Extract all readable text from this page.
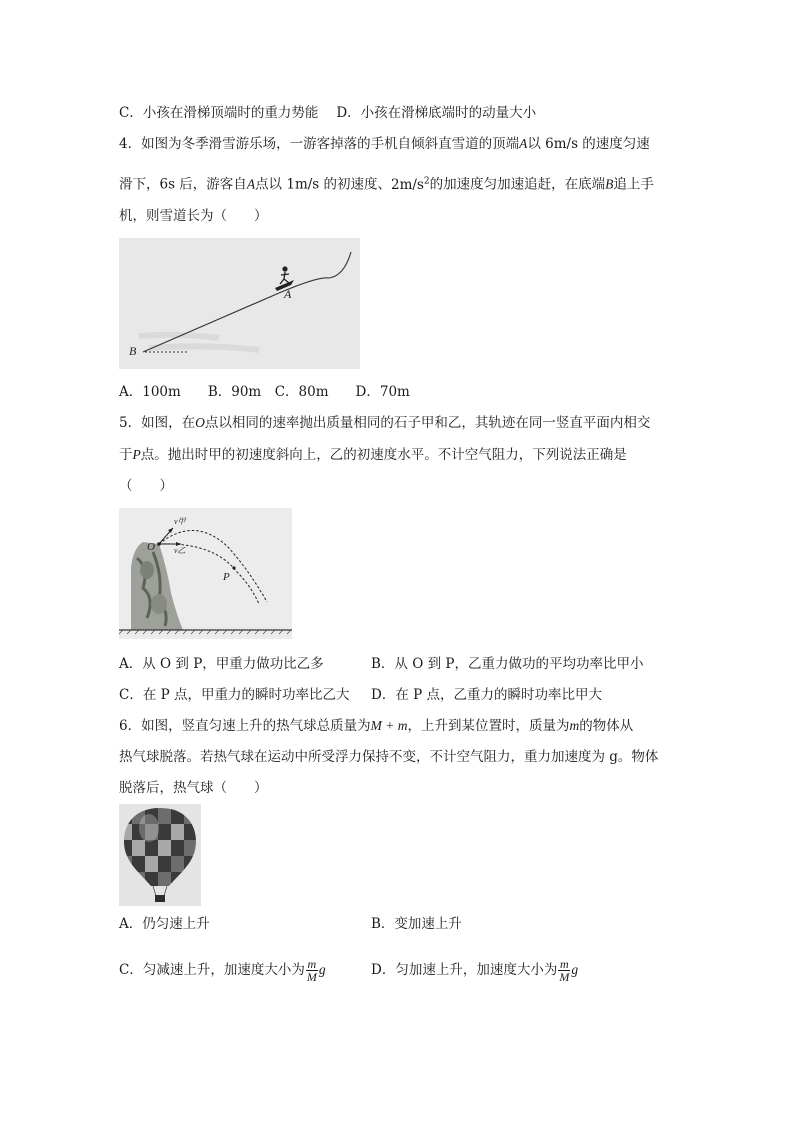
C．小孩在滑梯顶端时的重力势能 D．小孩在滑梯底端时的动量大小
4．如图为冬季滑雪游乐场，一游客掉落的手机自倾斜直雪道的顶端A以 6m/s 的速度匀速
滑下，6s 后，游客自A点以 1m/s 的初速度、$2m/s^2$的加速度匀加速追赶，在底端B追上手
机，则雪道长为（　　）
A
B
A．100m　　B．90m　C．80m　　D．70m
5．如图，在O点以相同的速率抛出质量相同的石子甲和乙，其轨迹在同一竖直平面内相交
于P点。抛出时甲的初速度斜向上，乙的初速度水平。不计空气阻力，下列说法正确是
（　　）
O
P
v甲
v乙
A．从 O 到 P，甲重力做功比乙多	B．从 O 到 P，乙重力做功的平均功率比甲小
C．在 P 点，甲重力的瞬时功率比乙大 D．在 P 点，乙重力的瞬时功率比甲大
6．如图，竖直匀速上升的热气球总质量为M + m，上升到某位置时，质量为m的物体从
热气球脱落。若热气球在运动中所受浮力保持不变，不计空气阻力，重力加速度为 g。物体
脱落后，热气球（　　）
A．仍匀速上升	B．变加速上升
C．匀减速上升，加速度大小为 $\frac{m}{M}$ g	D．匀加速上升，加速度大小为 $\frac{m}{M}$ g
